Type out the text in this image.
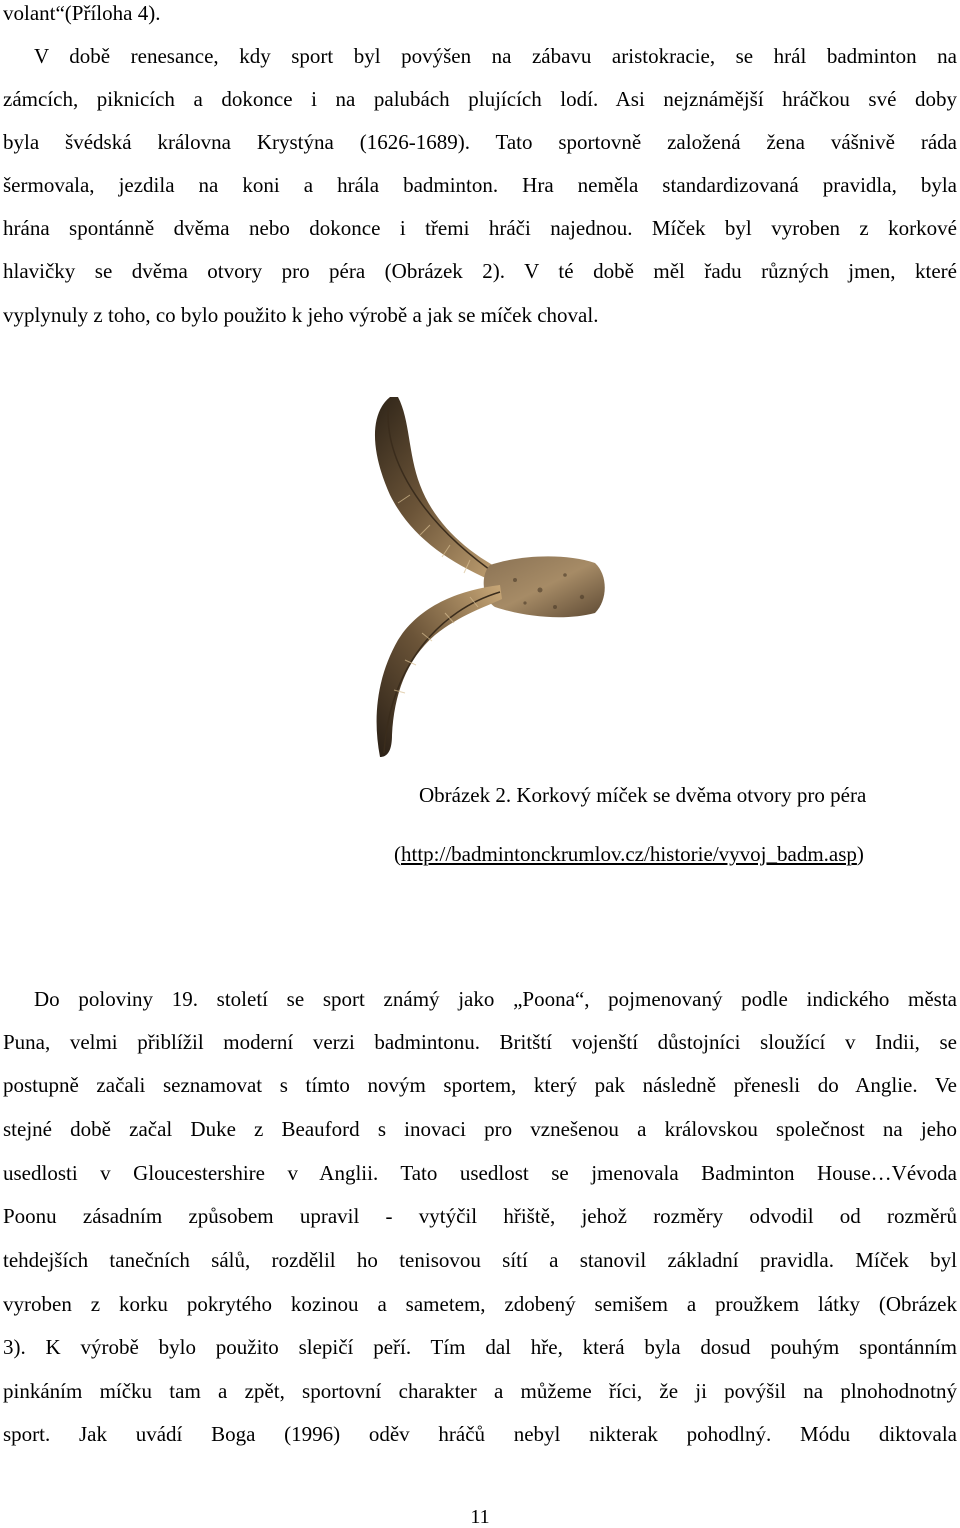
volant“(Příloha 4).
V době renesance, kdy sport byl povýšen na zábavu aristokracie, se hrál badminton na
zámcích, piknicích a dokonce i na palubách plujících lodí. Asi nejznámější hráčkou své doby
byla švédská královna Krystýna (1626-1689). Tato sportovně založená žena vášnivě ráda
šermovala, jezdila na koni a hrála badminton. Hra neměla standardizovaná pravidla, byla
hrána spontánně dvěma nebo dokonce i třemi hráči najednou. Míček byl vyroben z korkové
hlavičky se dvěma otvory pro péra (Obrázek 2). V té době měl řadu různých jmen, které
vyplynuly z toho, co bylo použito k jeho výrobě a jak se míček choval.
Obrázek 2. Korkový míček se dvěma otvory pro péra
(http://badmintonckrumlov.cz/historie/vyvoj_badm.asp)
Do poloviny 19. století se sport známý jako „Poona“, pojmenovaný podle indického města
Puna, velmi přiblížil moderní verzi badmintonu. Britští vojenští důstojníci sloužící v Indii, se
postupně začali seznamovat s tímto novým sportem, který pak následně přenesli do Anglie. Ve
stejné době začal Duke z Beauford s inovaci pro vznešenou a královskou společnost na jeho
usedlosti v Gloucestershire v Anglii. Tato usedlost se jmenovala Badminton House…Vévoda
Poonu zásadním způsobem upravil - vytýčil hřiště, jehož rozměry odvodil od rozměrů
tehdejších tanečních sálů, rozdělil ho tenisovou sítí a stanovil základní pravidla. Míček byl
vyroben z korku pokrytého kozinou a sametem, zdobený semišem a proužkem látky (Obrázek
3). K výrobě bylo použito slepičí peří. Tím dal hře, která byla dosud pouhým spontánním
pinkáním míčku tam a zpět, sportovní charakter a můžeme říci, že ji povýšil na plnohodnotný
sport. Jak uvádí Boga (1996) oděv hráčů nebyl nikterak pohodlný. Módu diktovala
11
